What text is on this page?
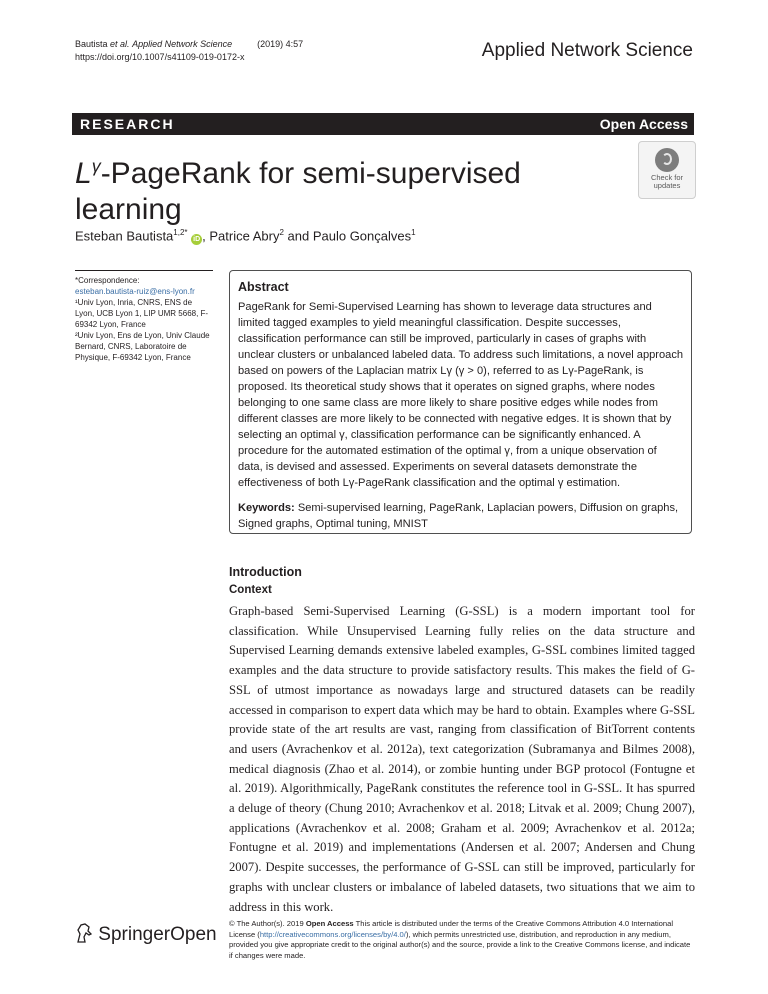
Bautista et al. Applied Network Science	(2019) 4:57
https://doi.org/10.1007/s41109-019-0172-x	Applied Network Science
RESEARCH	Open Access
$L^\gamma$-PageRank for semi-supervised learning
Check for
updates
Esteban Bautista$^{1,2*}$ iD , Patrice Abry$^2$ and Paulo Gonçalves$^1$
*Correspondence:
esteban.bautista-ruiz@ens-lyon.fr
¹Univ Lyon, Inria, CNRS, ENS de Lyon, UCB Lyon 1, LIP UMR 5668, F-69342 Lyon, France
²Univ Lyon, Ens de Lyon, Univ Claude Bernard, CNRS, Laboratoire de Physique, F-69342 Lyon, France
Abstract
PageRank for Semi-Supervised Learning has shown to leverage data structures and limited tagged examples to yield meaningful classification. Despite successes, classification performance can still be improved, particularly in cases of graphs with unclear clusters or unbalanced labeled data. To address such limitations, a novel approach based on powers of the Laplacian matrix Lγ (γ > 0), referred to as Lγ-PageRank, is proposed. Its theoretical study shows that it operates on signed graphs, where nodes belonging to one same class are more likely to share positive edges while nodes from different classes are more likely to be connected with negative edges. It is shown that by selecting an optimal γ, classification performance can be significantly enhanced. A procedure for the automated estimation of the optimal γ, from a unique observation of data, is devised and assessed. Experiments on several datasets demonstrate the effectiveness of both Lγ-PageRank classification and the optimal γ estimation.
Keywords: Semi-supervised learning, PageRank, Laplacian powers, Diffusion on graphs, Signed graphs, Optimal tuning, MNIST
Introduction
Context
Graph-based Semi-Supervised Learning (G-SSL) is a modern important tool for classification. While Unsupervised Learning fully relies on the data structure and Supervised Learning demands extensive labeled examples, G-SSL combines limited tagged examples and the data structure to provide satisfactory results. This makes the field of G-SSL of utmost importance as nowadays large and structured datasets can be readily accessed in comparison to expert data which may be hard to obtain. Examples where G-SSL provide state of the art results are vast, ranging from classification of BitTorrent contents and users (Avrachenkov et al. 2012a), text categorization (Subramanya and Bilmes 2008), medical diagnosis (Zhao et al. 2014), or zombie hunting under BGP protocol (Fontugne et al. 2019). Algorithmically, PageRank constitutes the reference tool in G-SSL. It has spurred a deluge of theory (Chung 2010; Avrachenkov et al. 2018; Litvak et al. 2009; Chung 2007), applications (Avrachenkov et al. 2008; Graham et al. 2009; Avrachenkov et al. 2012a; Fontugne et al. 2019) and implementations (Andersen et al. 2007; Andersen and Chung 2007). Despite successes, the performance of G-SSL can still be improved, particularly for graphs with unclear clusters or imbalance of labeled datasets, two situations that we aim to address in this work.
SpringerOpen
© The Author(s). 2019 Open Access This article is distributed under the terms of the Creative Commons Attribution 4.0 International License (http://creativecommons.org/licenses/by/4.0/), which permits unrestricted use, distribution, and reproduction in any medium, provided you give appropriate credit to the original author(s) and the source, provide a link to the Creative Commons license, and indicate if changes were made.
